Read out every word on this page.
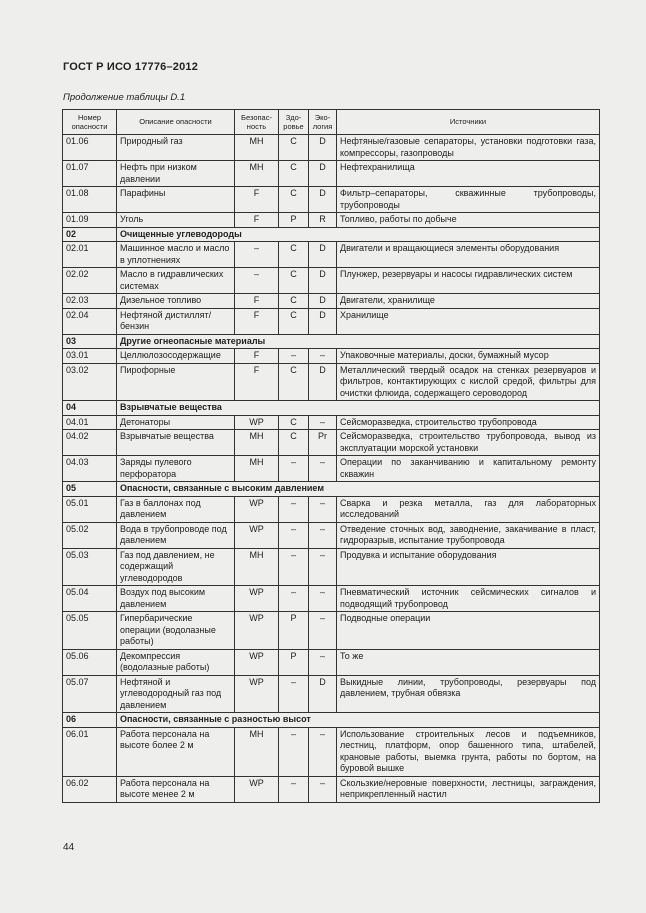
ГОСТ Р ИСО 17776–2012
Продолжение таблицы D.1
Номер опасности	Описание опасности	Безопас-ность	Здо-ровье	Эко-логия	Источники
01.06	Природный газ	MH	C	D	Нефтяные/газовые сепараторы, установки подготовки газа, компрессоры, газопроводы
01.07	Нефть при низком давлении	MH	C	D	Нефтехранилища
01.08	Парафины	F	C	D	Фильтр–сепараторы, скважинные трубопроводы, трубопроводы
01.09	Уголь	F	P	R	Топливо, работы по добыче
02	Очищенные углеводороды				
02.01	Машинное масло и масло в уплотнениях	–	C	D	Двигатели и вращающиеся элементы оборудования
02.02	Масло в гидравлических системах	–	C	D	Плунжер, резервуары и насосы гидравлических систем
02.03	Дизельное топливо	F	C	D	Двигатели, хранилище
02.04	Нефтяной дистиллят/бензин	F	C	D	Хранилище
03	Другие огнеопасные материалы				
03.01	Целлюлозосодержащие	F	–	–	Упаковочные материалы, доски, бумажный мусор
03.02	Пирофорные	F	C	D	Металлический твердый осадок на стенках резервуаров и фильтров, контактирующих с кислой средой, фильтры для очистки флюида, содержащего сероводород
04	Взрывчатые вещества				
04.01	Детонаторы	WP	C	–	Сейсморазведка, строительство трубопровода
04.02	Взрывчатые вещества	MH	C	Pr	Сейсморазведка, строительство трубопровода, вывод из эксплуатации морской установки
04.03	Заряды пулевого перфоратора	MH	–	–	Операции по заканчиванию и капитальному ремонту скважин
05	Опасности, связанные с высоким давлением				
05.01	Газ в баллонах под давлением	WP	–	–	Сварка и резка металла, газ для лабораторных исследований
05.02	Вода в трубопроводе под давлением	WP	–	–	Отведение сточных вод, заводнение, закачивание в пласт, гидроразрыв, испытание трубопровода
05.03	Газ под давлением, не содержащий углеводородов	MH	–	–	Продувка и испытание оборудования
05.04	Воздух под высоким давлением	WP	–	–	Пневматический источник сейсмических сигналов и подводящий трубопровод
05.05	Гипербарические операции (водолазные работы)	WP	P	–	Подводные операции
05.06	Декомпрессия (водолазные работы)	WP	P	–	То же
05.07	Нефтяной и углеводородный газ под давлением	WP	–	D	Выкидные линии, трубопроводы, резервуары под давлением, трубная обвязка
06	Опасности, связанные с разностью высот				
06.01	Работа персонала на высоте более 2 м	MH	–	–	Использование строительных лесов и подъемников, лестниц, платформ, опор башенного типа, штабелей, крановые работы, выемка грунта, работы по бортом, на буровой вышке
06.02	Работа персонала на высоте менее 2 м	WP	–	–	Скользкие/неровные поверхности, лестницы, заграждения, неприкрепленный настил
44
